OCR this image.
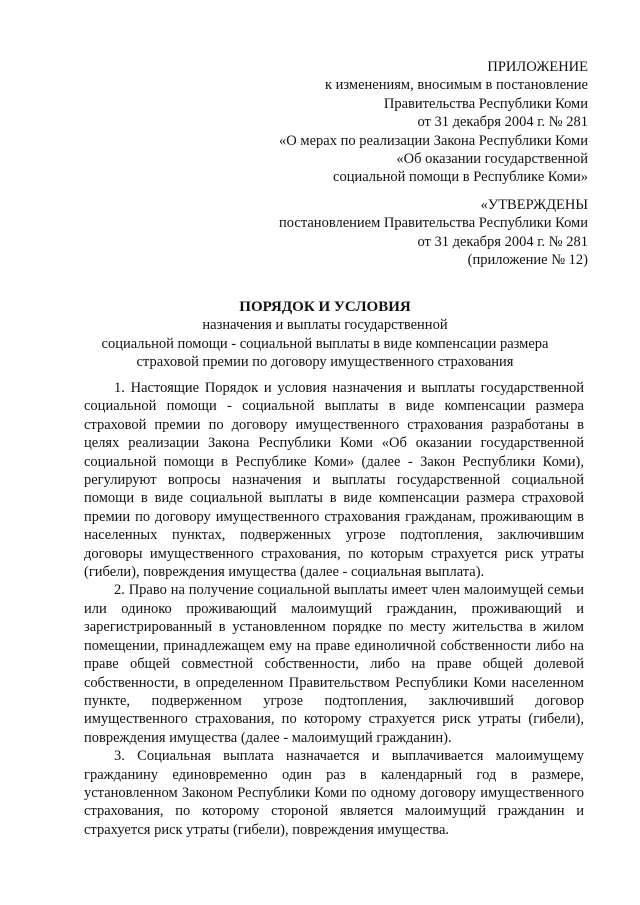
ПРИЛОЖЕНИЕ
к изменениям, вносимым в постановление
Правительства Республики Коми
от 31 декабря 2004 г. № 281
«О мерах по реализации Закона Республики Коми
«Об оказании государственной
социальной помощи в Республике Коми»
«УТВЕРЖДЕНЫ
постановлением Правительства Республики Коми
от 31 декабря 2004 г. № 281
(приложение № 12)
ПОРЯДОК И УСЛОВИЯ
назначения и выплаты государственной
социальной помощи - социальной выплаты в виде компенсации размера
страховой премии по договору имущественного страхования

1. Настоящие Порядок и условия назначения и выплаты государственной социальной помощи - социальной выплаты в виде компенсации размера страховой премии по договору имущественного страхования разработаны в целях реализации Закона Республики Коми «Об оказании государственной социальной помощи в Республике Коми» (далее - Закон Республики Коми), регулируют вопросы назначения и выплаты государственной социальной помощи в виде социальной выплаты в виде компенсации размера страховой премии по договору имущественного страхования гражданам, проживающим в населенных пунктах, подверженных угрозе подтопления, заключившим договоры имущественного страхования, по которым страхуется риск утраты (гибели), повреждения имущества (далее - социальная выплата).

2. Право на получение социальной выплаты имеет член малоимущей семьи или одиноко проживающий малоимущий гражданин, проживающий и зарегистрированный в установленном порядке по месту жительства в жилом помещении, принадлежащем ему на праве единоличной собственности либо на праве общей совместной собственности, либо на праве общей долевой собственности, в определенном Правительством Республики Коми населенном пункте, подверженном угрозе подтопления, заключивший договор имущественного страхования, по которому страхуется риск утраты (гибели), повреждения имущества (далее - малоимущий гражданин).

3. Социальная выплата назначается и выплачивается малоимущему гражданину единовременно один раз в календарный год в размере, установленном Законом Республики Коми по одному договору имущественного страхования, по которому стороной является малоимущий гражданин и страхуется риск утраты (гибели), повреждения имущества.
